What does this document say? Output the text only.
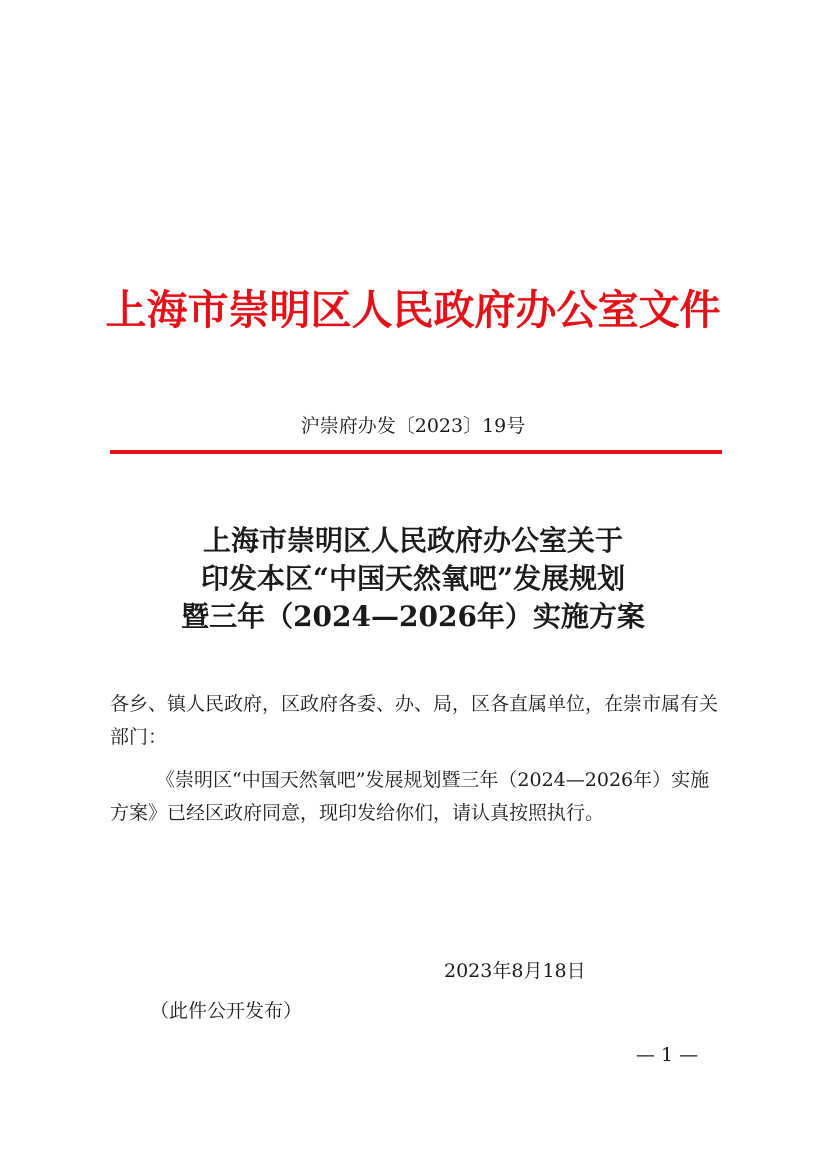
上海市崇明区人民政府办公室文件
沪崇府办发〔2023〕19号
上海市崇明区人民政府办公室关于
印发本区“中国天然氧吧”发展规划
暨三年（2024—2026年）实施方案
各乡、镇人民政府，区政府各委、办、局，区各直属单位，在崇市属有关部门：
《崇明区“中国天然氧吧”发展规划暨三年（2024—2026年）实施方案》已经区政府同意，现印发给你们，请认真按照执行。
2023年8月18日
（此件公开发布）
— 1 —
